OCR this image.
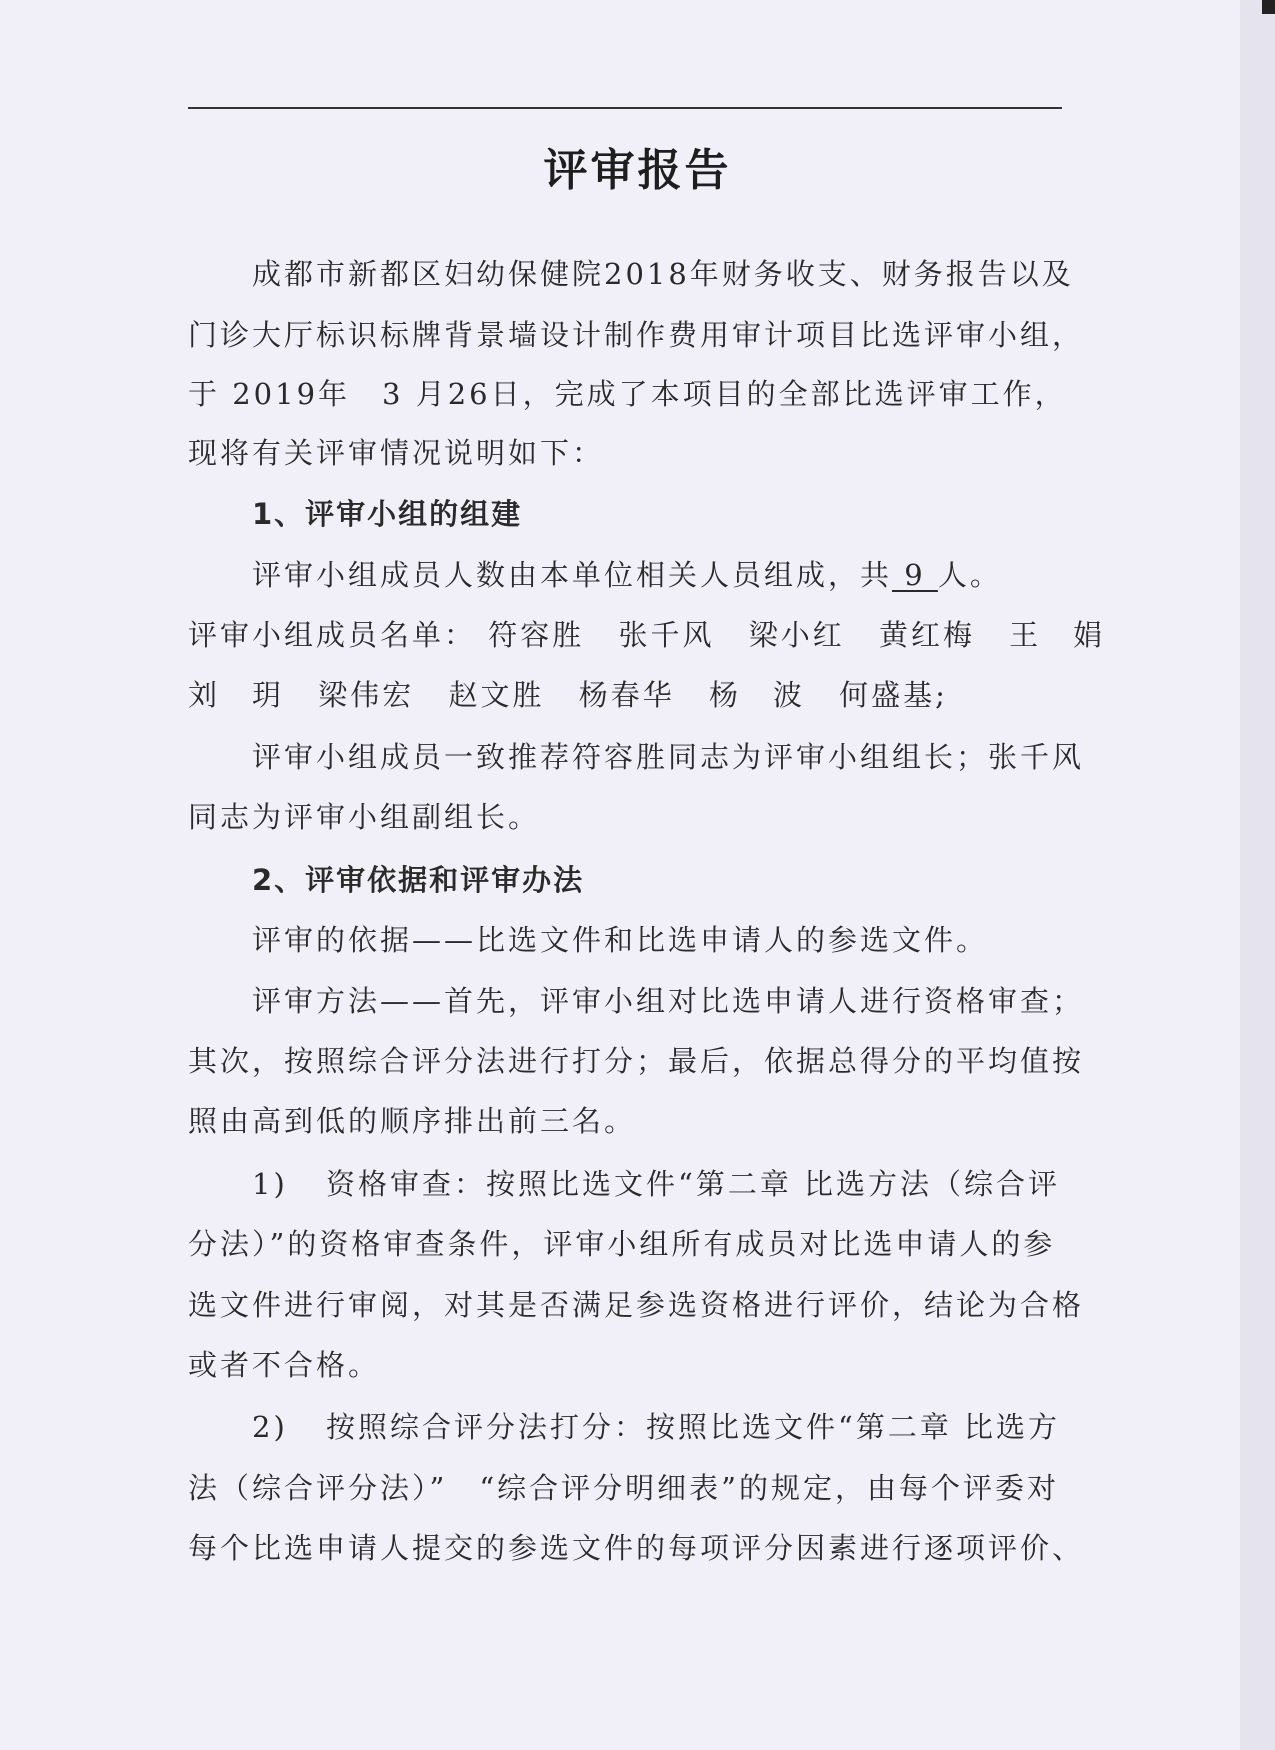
评审报告
成都市新都区妇幼保健院2018年财务收支、财务报告以及
门诊大厅标识标牌背景墙设计制作费用审计项目比选评审小组，
于 2019年　3 月26日，完成了本项目的全部比选评审工作，
现将有关评审情况说明如下：
1、评审小组的组建
评审小组成员人数由本单位相关人员组成，共 9 人。
评审小组成员名单： 符容胜 张千风 梁小红 黄红梅 王　娟
刘　玥 梁伟宏 赵文胜 杨春华 杨　波 何盛基;
评审小组成员一致推荐符容胜同志为评审小组组长；张千风
同志为评审小组副组长。
2、评审依据和评审办法
评审的依据——比选文件和比选申请人的参选文件。
评审方法——首先，评审小组对比选申请人进行资格审查；
其次，按照综合评分法进行打分；最后，依据总得分的平均值按
照由高到低的顺序排出前三名。
1) 资格审查：按照比选文件“第二章 比选方法（综合评
分法）”的资格审查条件，评审小组所有成员对比选申请人的参
选文件进行审阅，对其是否满足参选资格进行评价，结论为合格
或者不合格。
2) 按照综合评分法打分：按照比选文件“第二章 比选方
法（综合评分法）”　“综合评分明细表”的规定，由每个评委对
每个比选申请人提交的参选文件的每项评分因素进行逐项评价、
